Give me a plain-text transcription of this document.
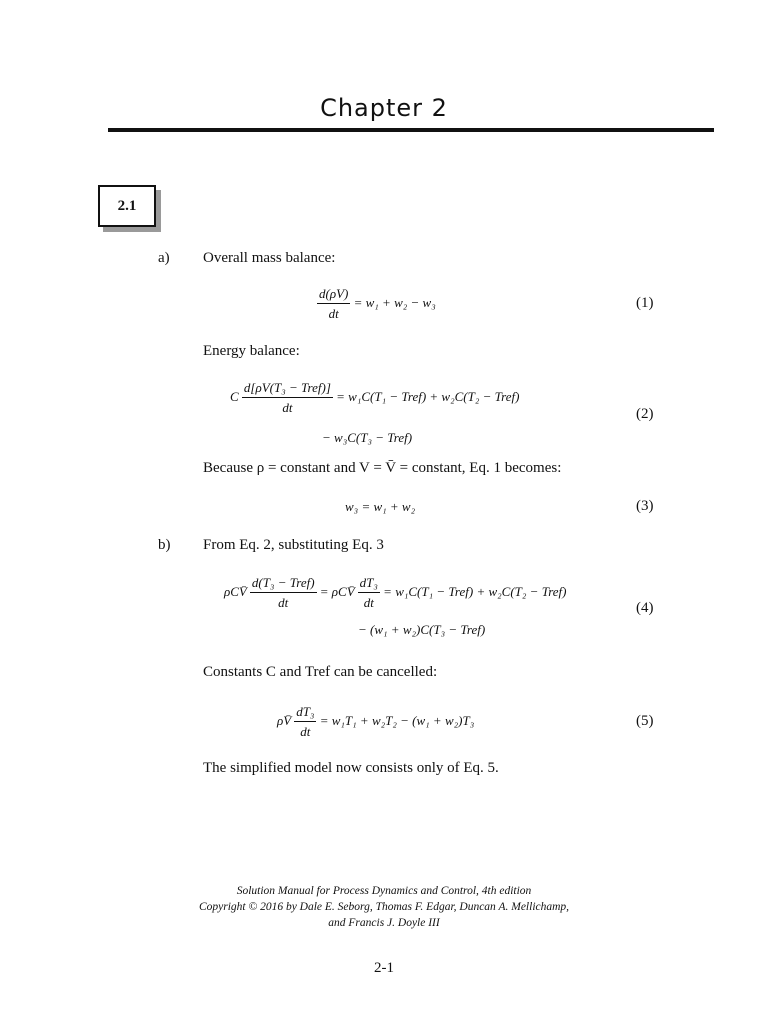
Chapter 2
2.1
a) Overall mass balance:
$\frac{d(\rho V)}{dt} = w_1 + w_2 - w_3$	(1)
Energy balance:
C $\frac{\text{d[ρV(T₃ − Tref)]}}{dt} = w_1C(T_1$ − Tref) + w₂C(T₂ − Tref)
− w₃C(T₃ − Tref)
(2)
Because ρ = constant and V = V̄ = constant, Eq. 1 becomes:
w₃ = w₁ + w₂	(3)
b) From Eq. 2, substituting Eq. 3
ρCV̄ $\frac{\text{d(T₃ − Tref)}}{dt}$ = ρCV̄ $\frac{\text{dT₃}}{dt} = w_1C(T_1$ − Tref) + w₂C(T₂ − Tref)
− (w₁ + w₂)C(T₃ − Tref)
(4)
Constants C and Tref can be cancelled:
ρV̄ $\frac{\text{dT₃}}{dt} = w_1T_1 + w_2T_2 - (w_1 + w_2)T_3$	(5)
The simplified model now consists only of Eq. 5.
Solution Manual for Process Dynamics and Control, 4th edition
Copyright © 2016 by Dale E. Seborg, Thomas F. Edgar, Duncan A. Mellichamp,
and Francis J. Doyle III
2-1
